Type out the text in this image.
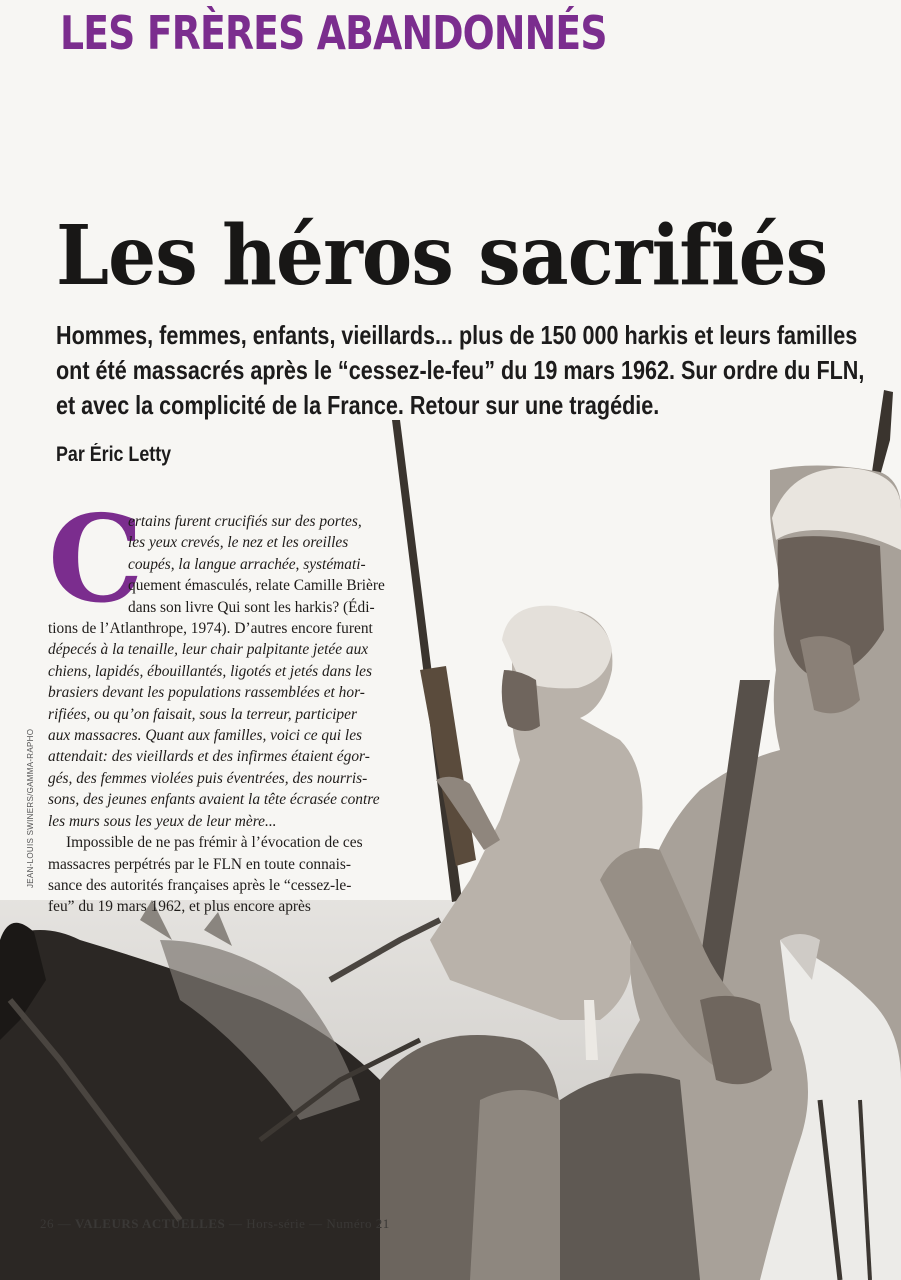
LES FRÈRES ABANDONNÉS
Les héros sacrifiés
Hommes, femmes, enfants, vieillards... plus de 150 000 harkis et leurs familles
ont été massacrés après le “cessez-le-feu” du 19 mars 1962. Sur ordre du FLN,
et avec la complicité de la France. Retour sur une tragédie.
Par Éric Letty
JEAN-LOUIS SWINERS/GAMMA-RAPHO
C
ertains furent crucifiés sur des portes,
les yeux crevés, le nez et les oreilles
coupés, la langue arrachée, systémati-
quement émasculés, relate Camille Brière
dans son livre Qui sont les harkis? (Édi-
tions de l’Atlanthrope, 1974). D’autres encore furent
dépecés à la tenaille, leur chair palpitante jetée aux
chiens, lapidés, ébouillantés, ligotés et jetés dans les
brasiers devant les populations rassemblées et hor-
rifiées, ou qu’on faisait, sous la terreur, participer
aux massacres. Quant aux familles, voici ce qui les
attendait: des vieillards et des infirmes étaient égor-
gés, des femmes violées puis éventrées, des nourris-
sons, des jeunes enfants avaient la tête écrasée contre
les murs sous les yeux de leur mère...
Impossible de ne pas frémir à l’évocation de ces
massacres perpétrés par le FLN en toute connais-
sance des autorités françaises après le “cessez-le-
feu” du 19 mars 1962, et plus encore après
26 — VALEURS ACTUELLES — Hors-série — Numéro 21
